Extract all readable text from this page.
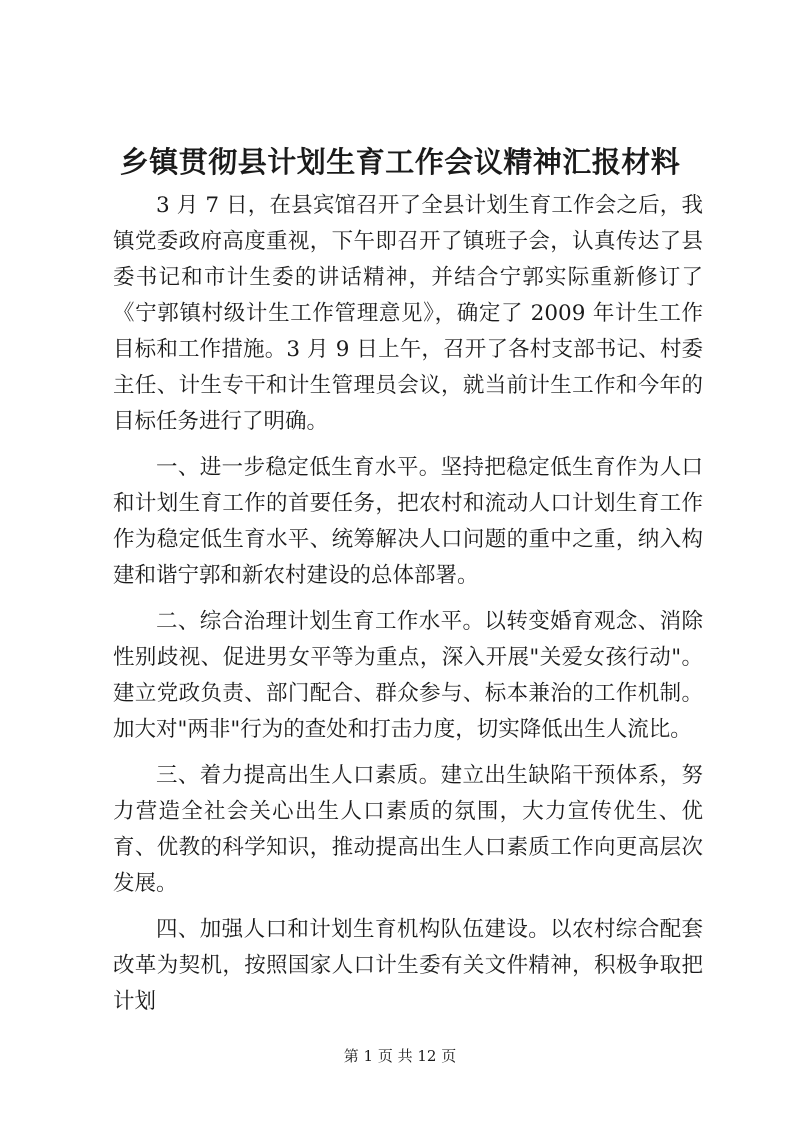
乡镇贯彻县计划生育工作会议精神汇报材料

3 月 7 日，在县宾馆召开了全县计划生育工作会之后，我镇党委政府高度重视，下午即召开了镇班子会，认真传达了县委书记和市计生委的讲话精神，并结合宁郭实际重新修订了《宁郭镇村级计生工作管理意见》，确定了 2009 年计生工作目标和工作措施。3 月 9 日上午，召开了各村支部书记、村委主任、计生专干和计生管理员会议，就当前计生工作和今年的目标任务进行了明确。

一、进一步稳定低生育水平。坚持把稳定低生育作为人口和计划生育工作的首要任务，把农村和流动人口计划生育工作作为稳定低生育水平、统筹解决人口问题的重中之重，纳入构建和谐宁郭和新农村建设的总体部署。

二、综合治理计划生育工作水平。以转变婚育观念、消除性别歧视、促进男女平等为重点，深入开展"关爱女孩行动"。建立党政负责、部门配合、群众参与、标本兼治的工作机制。加大对"两非"行为的查处和打击力度，切实降低出生人流比。

三、着力提高出生人口素质。建立出生缺陷干预体系，努力营造全社会关心出生人口素质的氛围，大力宣传优生、优育、优教的科学知识，推动提高出生人口素质工作向更高层次发展。

四、加强人口和计划生育机构队伍建设。以农村综合配套改革为契机，按照国家人口计生委有关文件精神，积极争取把计划

第 1 页 共 12 页
